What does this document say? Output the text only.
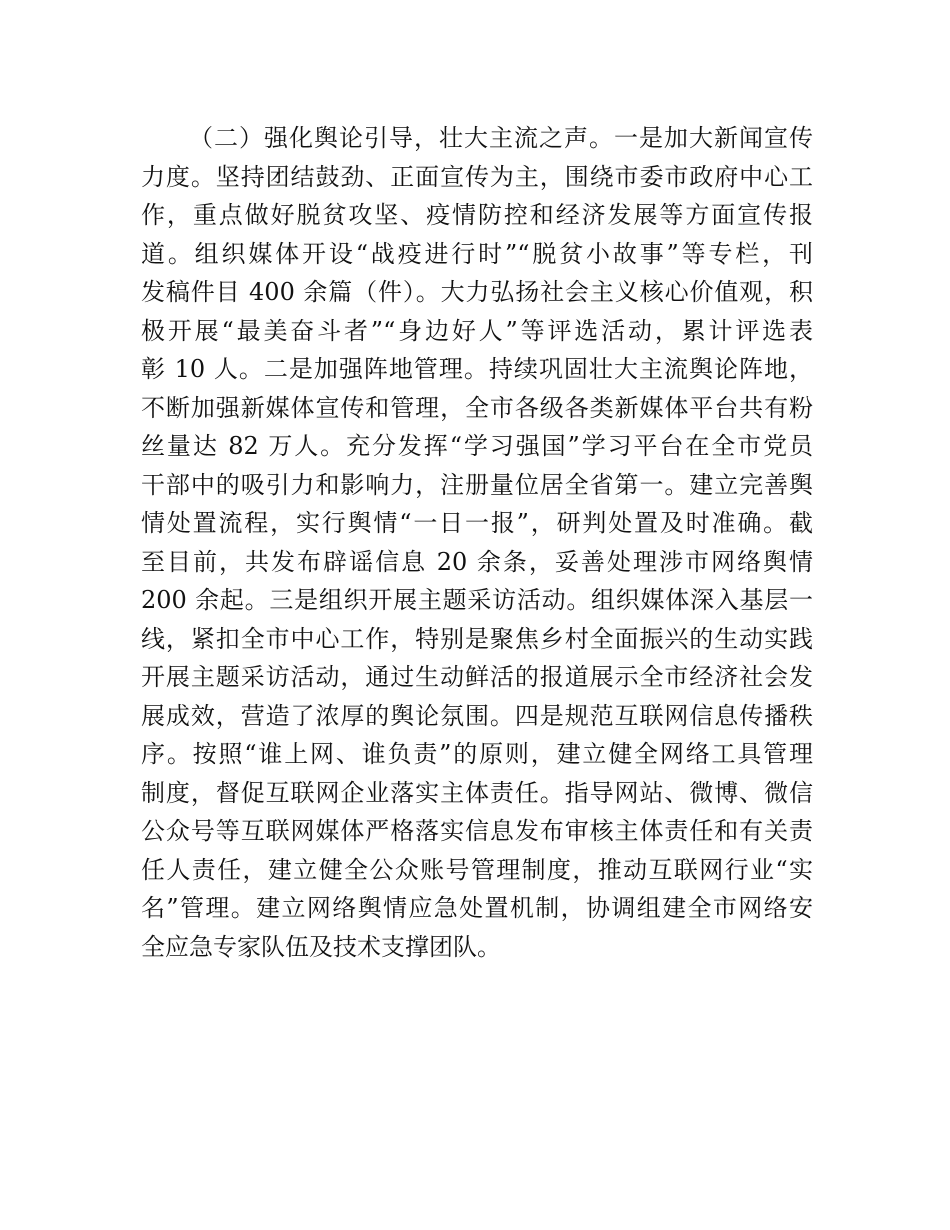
（二）强化舆论引导，壮大主流之声。一是加大新闻宣传
力度。坚持团结鼓劲、正面宣传为主，围绕市委市政府中心工
作，重点做好脱贫攻坚、疫情防控和经济发展等方面宣传报
道。组织媒体开设“战疫进行时”“脱贫小故事”等专栏，刊
发稿件目 400 余篇（件）。大力弘扬社会主义核心价值观，积
极开展“最美奋斗者”“身边好人”等评选活动，累计评选表
彰 10 人。二是加强阵地管理。持续巩固壮大主流舆论阵地，
不断加强新媒体宣传和管理，全市各级各类新媒体平台共有粉
丝量达 82 万人。充分发挥“学习强国”学习平台在全市党员
干部中的吸引力和影响力，注册量位居全省第一。建立完善舆
情处置流程，实行舆情“一日一报”，研判处置及时准确。截
至目前，共发布辟谣信息 20 余条，妥善处理涉市网络舆情
200 余起。三是组织开展主题采访活动。组织媒体深入基层一
线，紧扣全市中心工作，特别是聚焦乡村全面振兴的生动实践
开展主题采访活动，通过生动鲜活的报道展示全市经济社会发
展成效，营造了浓厚的舆论氛围。四是规范互联网信息传播秩
序。按照“谁上网、谁负责”的原则，建立健全网络工具管理
制度，督促互联网企业落实主体责任。指导网站、微博、微信
公众号等互联网媒体严格落实信息发布审核主体责任和有关责
任人责任，建立健全公众账号管理制度，推动互联网行业“实
名”管理。建立网络舆情应急处置机制，协调组建全市网络安
全应急专家队伍及技术支撑团队。
